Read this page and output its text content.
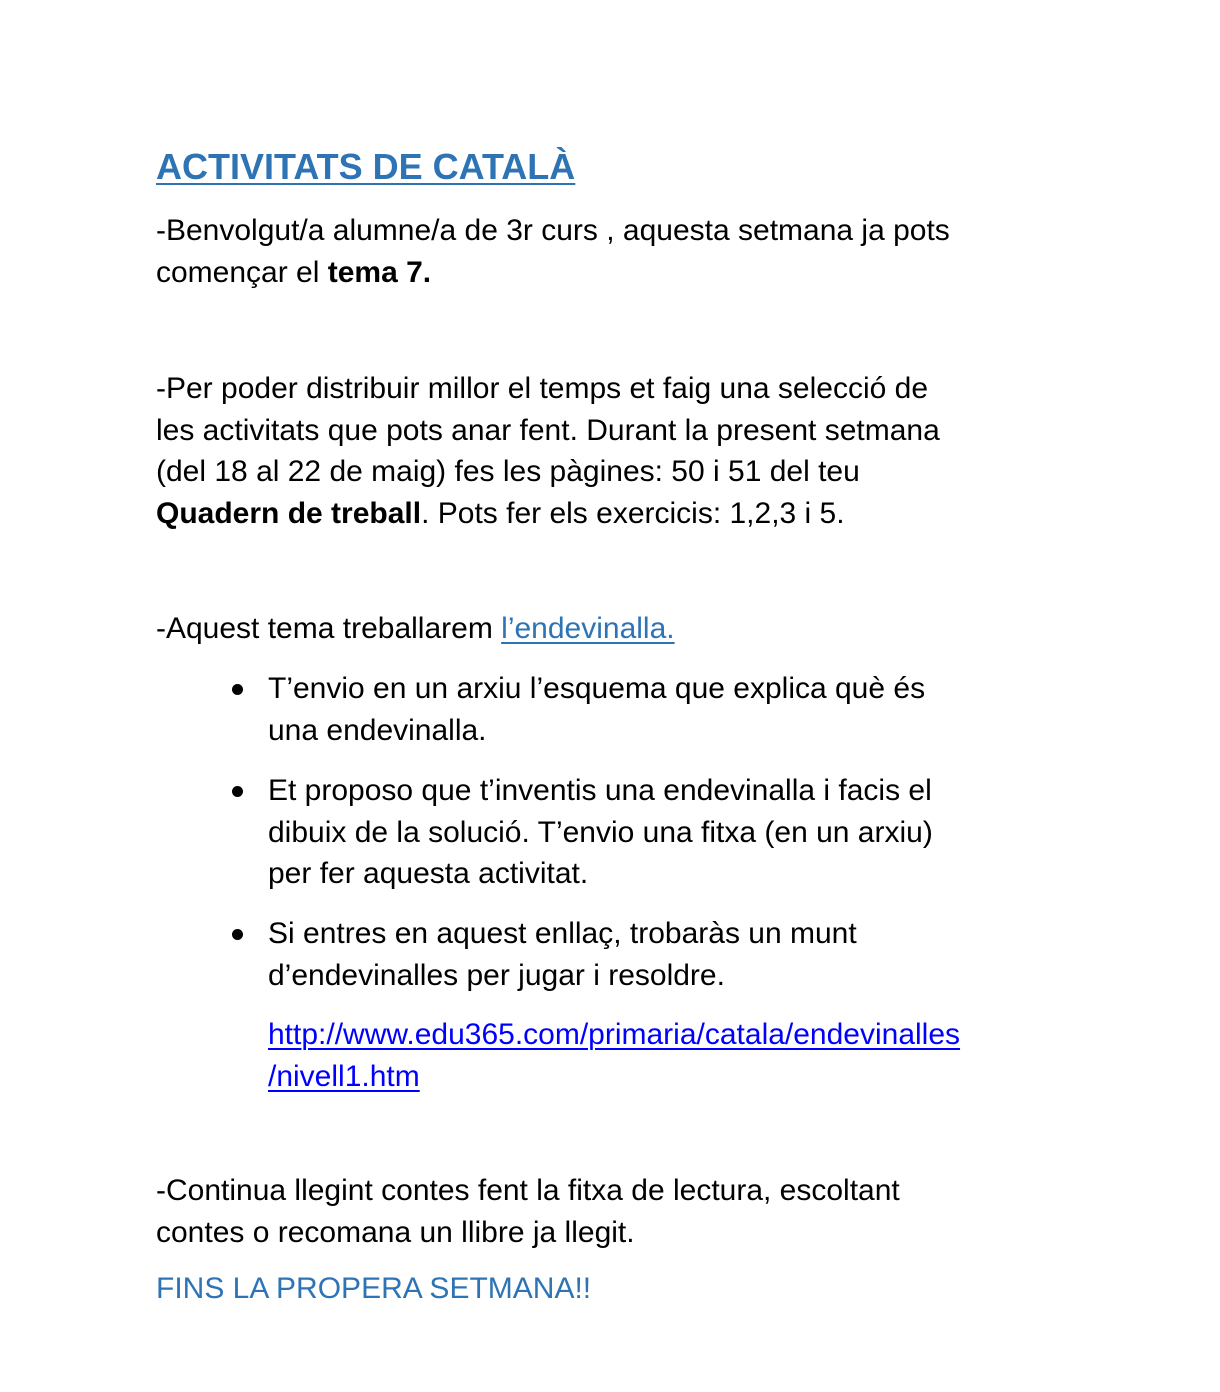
ACTIVITATS DE CATALÀ

-Benvolgut/a alumne/a de 3r curs , aquesta setmana ja pots
començar el tema 7.

-Per poder distribuir millor el temps et faig una selecció de
les activitats que pots anar fent. Durant la present setmana
(del 18 al 22 de maig) fes les pàgines: 50 i 51 del teu
Quadern de treball. Pots fer els exercicis: 1,2,3 i 5.

-Aquest tema treballarem l’endevinalla.

T’envio en un arxiu l’esquema que explica què és
una endevinalla.

Et proposo que t’inventis una endevinalla i facis el
dibuix de la solució. T’envio una fitxa (en un arxiu)
per fer aquesta activitat.

Si entres en aquest enllaç, trobaràs un munt
d’endevinalles per jugar i resoldre.

http://www.edu365.com/primaria/catala/endevinalles
/nivell1.htm

-Continua llegint contes fent la fitxa de lectura, escoltant
contes o recomana un llibre ja llegit.

FINS LA PROPERA SETMANA!!
